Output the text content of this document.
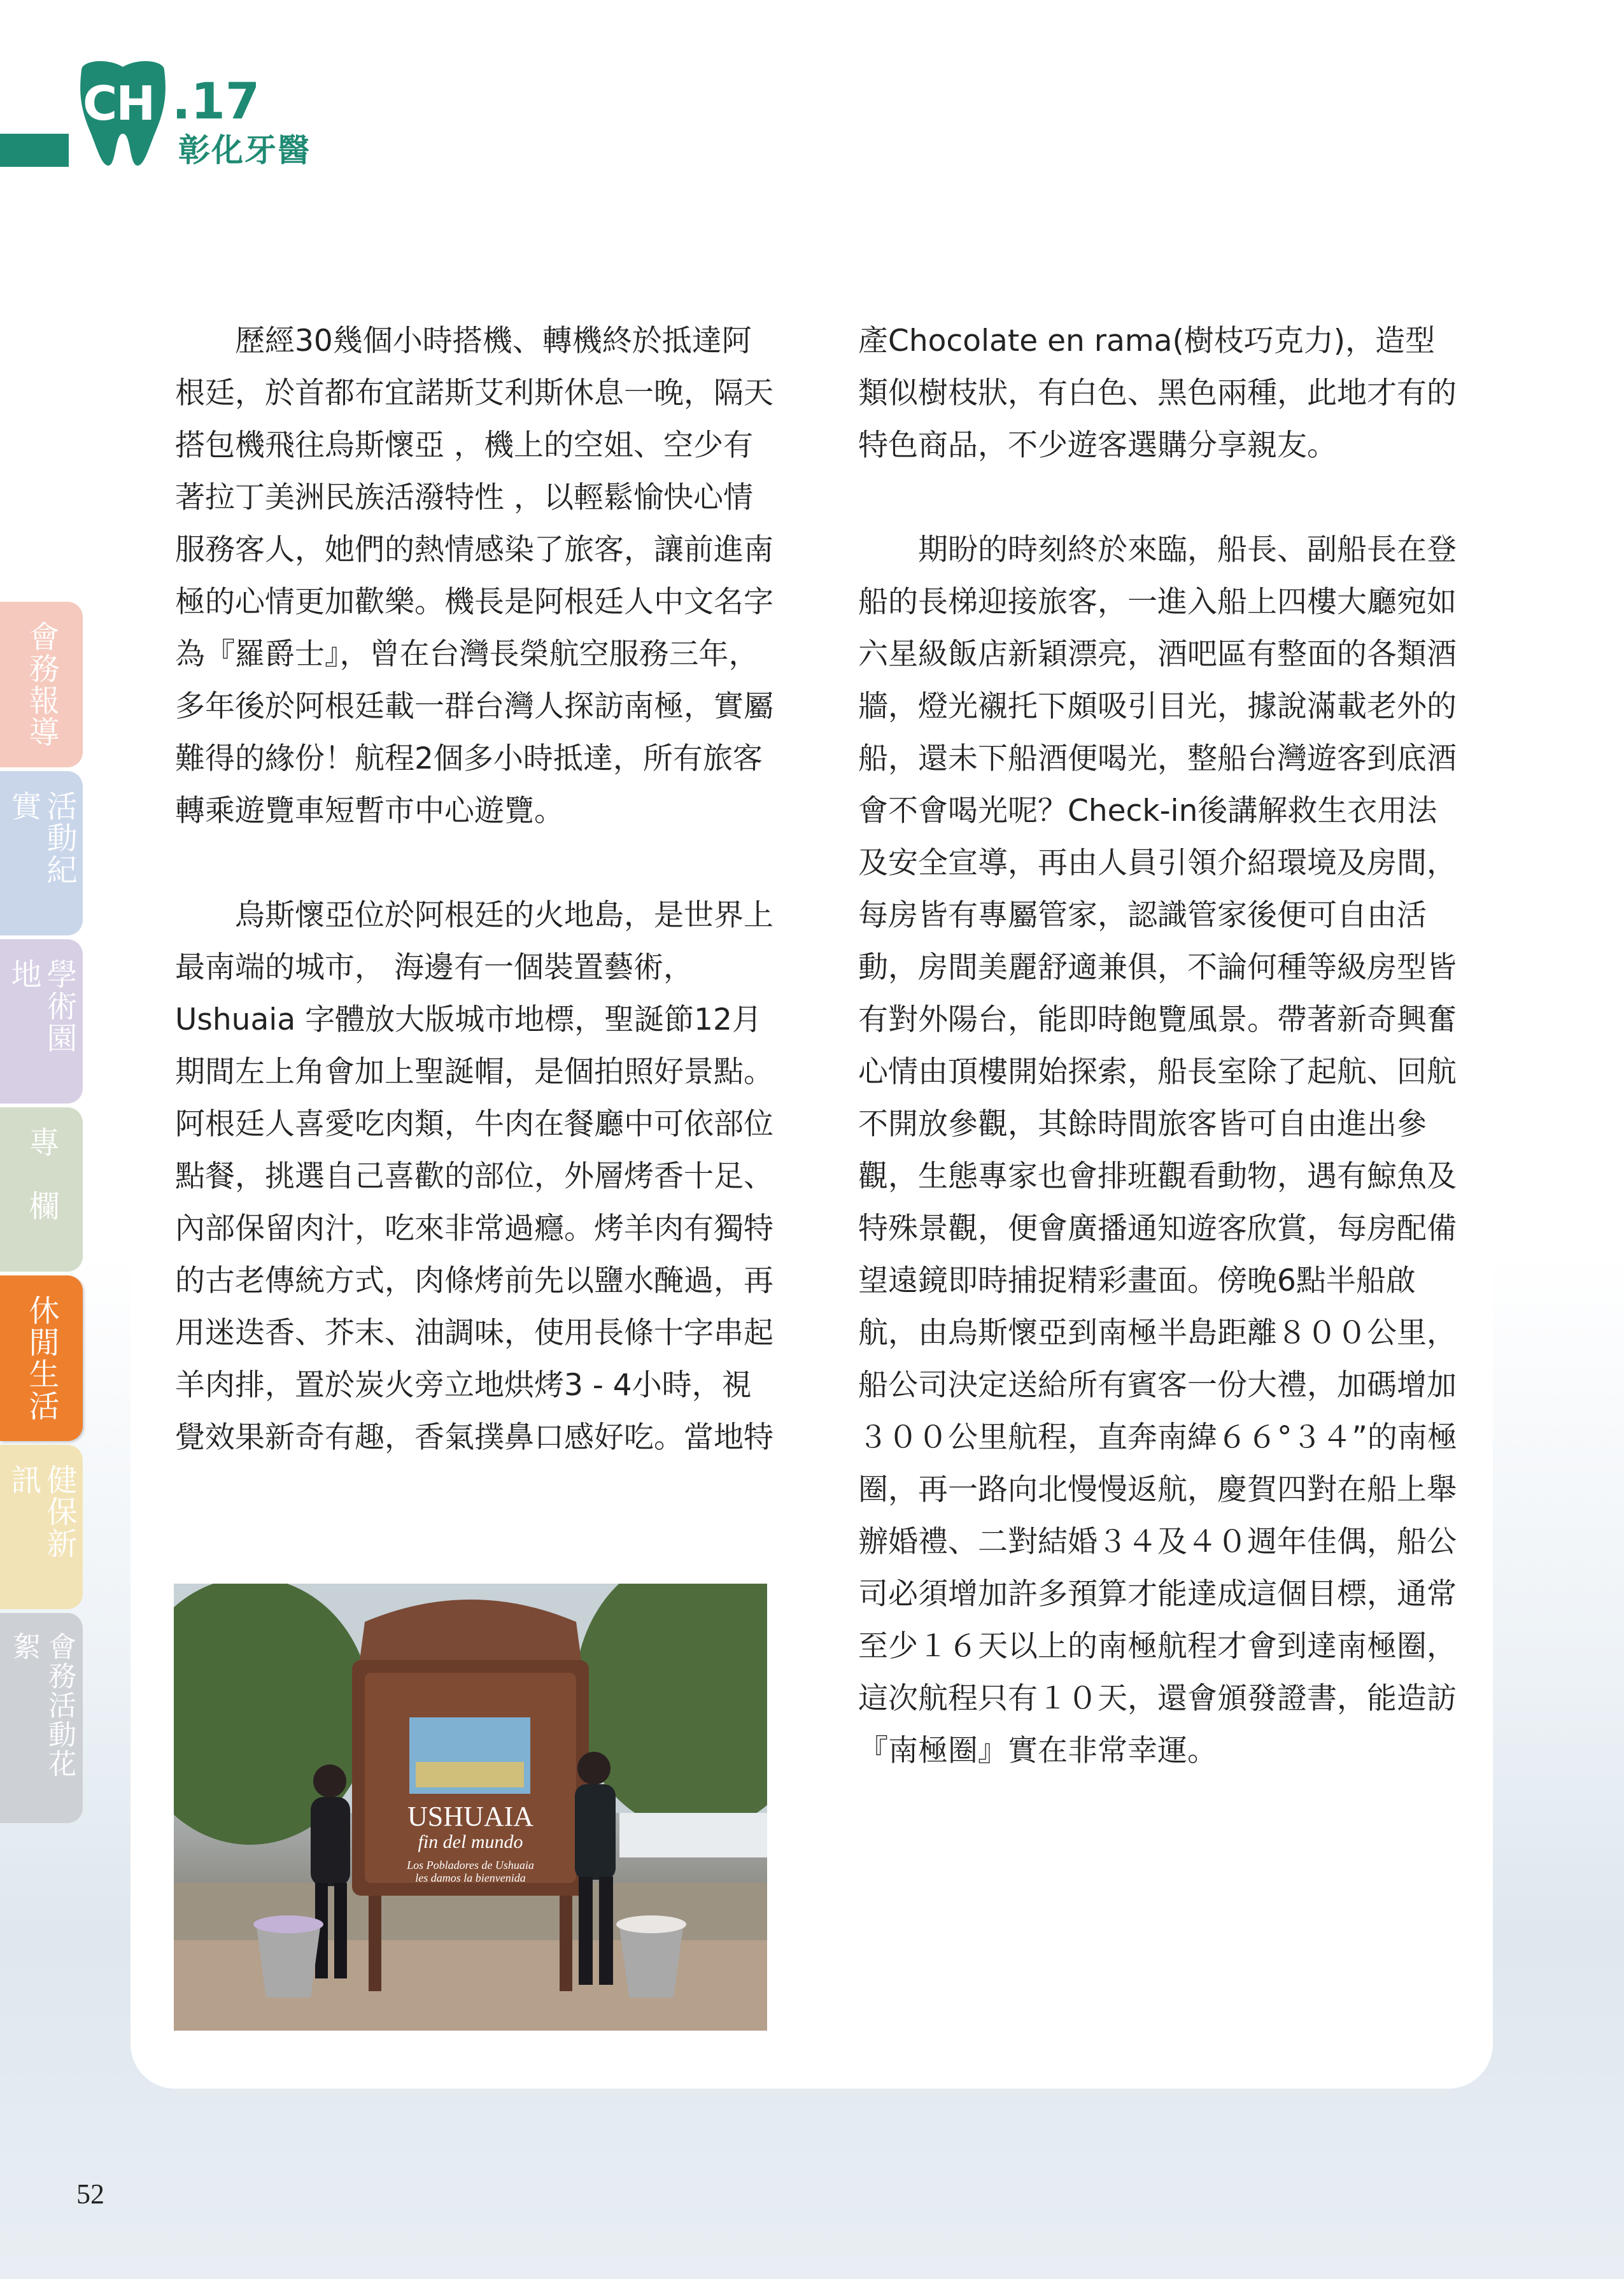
CH .17
彰化牙醫
會務報導
活動紀實
學術園地
專　欄
休閒生活
健保新訊
會務活動花絮

　　歷經30幾個小時搭機、轉機終於抵達阿根廷，於首都布宜諾斯艾利斯休息一晚，隔天搭包機飛往烏斯懷亞 ，機上的空姐、空少有著拉丁美洲民族活潑特性 ，以輕鬆愉快心情服務客人，她們的熱情感染了旅客，讓前進南極的心情更加歡樂。機長是阿根廷人中文名字為『羅爵士』，曾在台灣長榮航空服務三年，多年後於阿根廷載一群台灣人探訪南極，實屬難得的緣份！航程2個多小時抵達，所有旅客轉乘遊覽車短暫市中心遊覽。

　　烏斯懷亞位於阿根廷的火地島，是世界上最南端的城市， 海邊有一個裝置藝術，Ushuaia 字體放大版城市地標，聖誕節12月期間左上角會加上聖誕帽，是個拍照好景點。阿根廷人喜愛吃肉類，牛肉在餐廳中可依部位點餐，挑選自己喜歡的部位，外層烤香十足、內部保留肉汁，吃來非常過癮。烤羊肉有獨特的古老傳統方式，肉條烤前先以鹽水醃過，再用迷迭香、芥末、油調味，使用長條十字串起羊肉排，置於炭火旁立地烘烤3 - 4小時，視覺效果新奇有趣，香氣撲鼻口感好吃。當地特

產Chocolate en rama(樹枝巧克力)，造型類似樹枝狀，有白色、黑色兩種，此地才有的特色商品，不少遊客選購分享親友。

　　期盼的時刻終於來臨，船長、副船長在登船的長梯迎接旅客，一進入船上四樓大廳宛如六星級飯店新穎漂亮，酒吧區有整面的各類酒牆，燈光襯托下頗吸引目光，據說滿載老外的船，還未下船酒便喝光，整船台灣遊客到底酒會不會喝光呢？Check-in後講解救生衣用法及安全宣導，再由人員引領介紹環境及房間，每房皆有專屬管家，認識管家後便可自由活動，房間美麗舒適兼俱，不論何種等級房型皆有對外陽台，能即時飽覽風景。帶著新奇興奮心情由頂樓開始探索，船長室除了起航、回航不開放參觀，其餘時間旅客皆可自由進出參觀，生態專家也會排班觀看動物，遇有鯨魚及特殊景觀，便會廣播通知遊客欣賞，每房配備望遠鏡即時捕捉精彩畫面。傍晚6點半船啟航，由烏斯懷亞到南極半島距離８００公里，船公司決定送給所有賓客一份大禮，加碼增加３００公里航程，直奔南緯６６°３４”的南極圈，再一路向北慢慢返航，慶賀四對在船上舉辦婚禮、二對結婚３４及４０週年佳偶，船公司必須增加許多預算才能達成這個目標，通常至少１６天以上的南極航程才會到達南極圈，這次航程只有１０天，還會頒發證書，能造訪『南極圈』實在非常幸運。

USHUAIA
fin del mundo
Los Pobladores de Ushuaia
les damos la bienvenida
52
